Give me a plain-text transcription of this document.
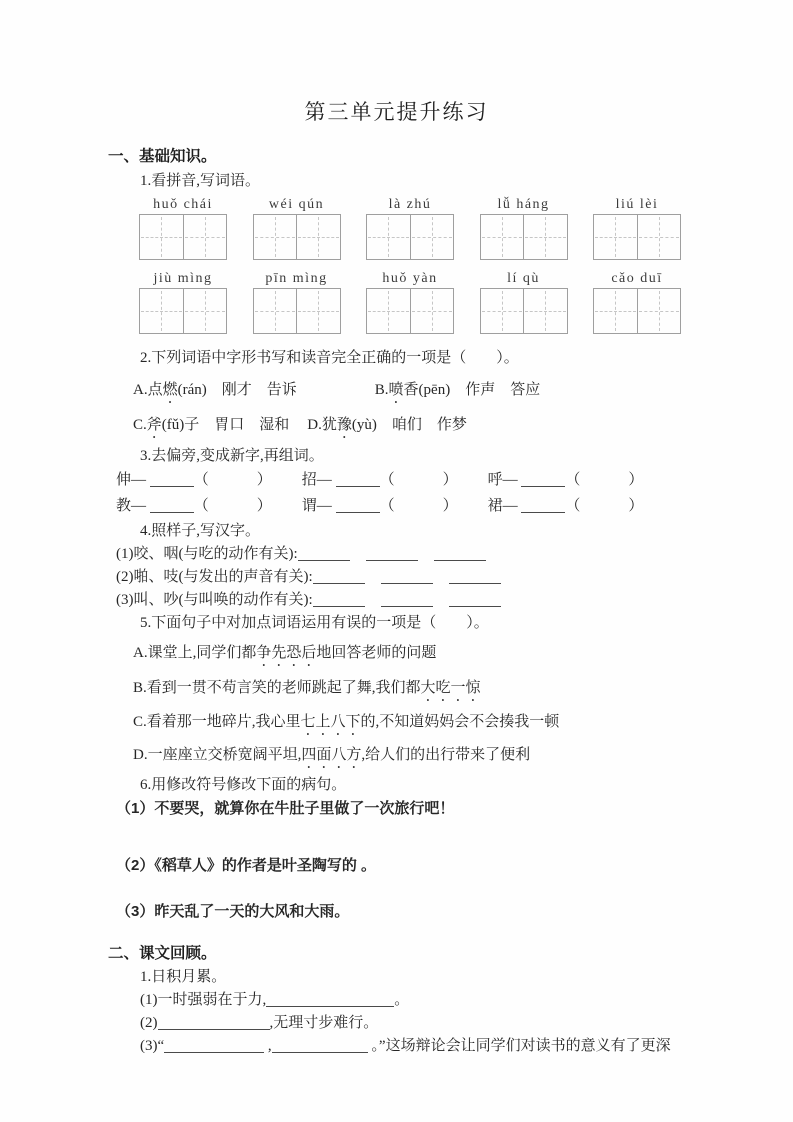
第三单元提升练习
一、基础知识。
1.看拼音,写词语。
huǒ chái	wéi qún	là zhú	lǚ háng	liú lèi
jiù mìng	pīn mìng	huǒ yàn	lí qù	cǎo duī
2.下列词语中字形书写和读音完全正确的一项是（　　）。
A.点燃(rán)　刚才　告诉	B.喷香(pēn)　作声　答应
C.斧(fǔ)子　胃口　湿和 D.犹豫(yù)　咱们　作梦
3.去偏旁,变成新字,再组词。
伸—	（	） 招—	（	） 呼—	（	）
教—	（	） 谓—	（	） 裙—	（	）
4.照样子,写汉字。
(1)咬、咽(与吃的动作有关):
(2)啪、吱(与发出的声音有关):
(3)叫、吵(与叫唤的动作有关):
5.下面句子中对加点词语运用有误的一项是（　　）。
A.课堂上,同学们都争先恐后地回答老师的问题
B.看到一贯不苟言笑的老师跳起了舞,我们都大吃一惊
C.看着那一地碎片,我心里七上八下的,不知道妈妈会不会揍我一顿
D.一座座立交桥宽阔平坦,四面八方,给人们的出行带来了便利
6.用修改符号修改下面的病句。
（1）不要哭，就算你在牛肚子里做了一次旅行吧！
（2）《稻草人》的作者是叶圣陶写的 。
（3）昨天乱了一天的大风和大雨。
二、课文回顾。
1.日积月累。
(1)一时强弱在于力,	。
(2)	,无理寸步难行。
(3)“	,	。”这场辩论会让同学们对读书的意义有了更深
